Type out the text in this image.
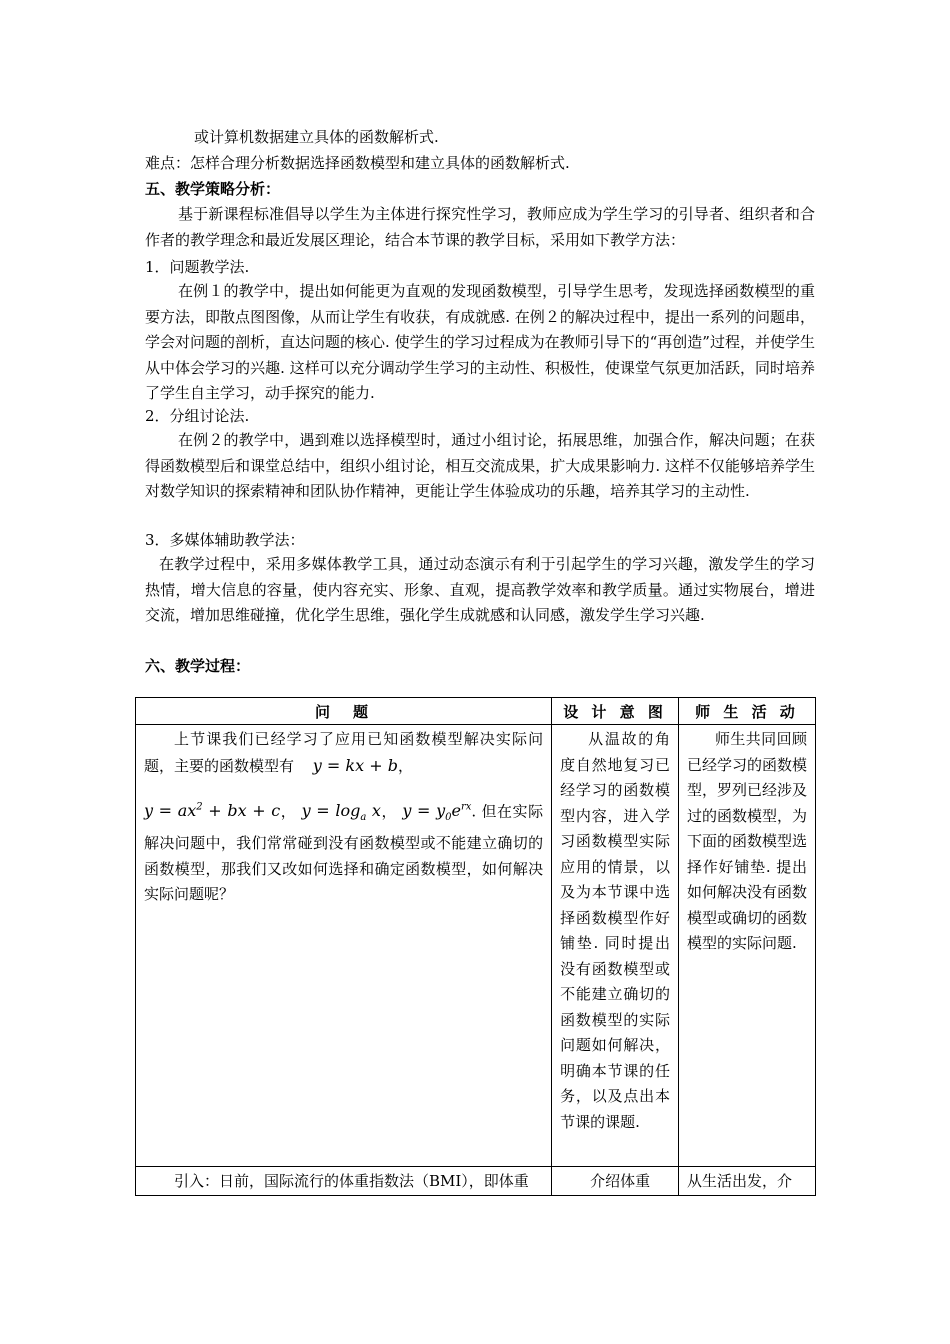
或计算机数据建立具体的函数解析式.
难点：怎样合理分析数据选择函数模型和建立具体的函数解析式.
五、教学策略分析：
基于新课程标准倡导以学生为主体进行探究性学习，教师应成为学生学习的引导者、组织者和合作者的教学理念和最近发展区理论，结合本节课的教学目标，采用如下教学方法：
1．问题教学法.
在例１的教学中，提出如何能更为直观的发现函数模型，引导学生思考，发现选择函数模型的重要方法，即散点图图像，从而让学生有收获，有成就感. 在例２的解决过程中，提出一系列的问题串，学会对问题的剖析，直达问题的核心. 使学生的学习过程成为在教师引导下的“再创造”过程，并使学生从中体会学习的兴趣. 这样可以充分调动学生学习的主动性、积极性，使课堂气氛更加活跃，同时培养了学生自主学习，动手探究的能力.
2．分组讨论法.
在例２的教学中，遇到难以选择模型时，通过小组讨论，拓展思维，加强合作，解决问题；在获得函数模型后和课堂总结中，组织小组讨论，相互交流成果，扩大成果影响力. 这样不仅能够培养学生对数学知识的探索精神和团队协作精神，更能让学生体验成功的乐趣，培养其学习的主动性.
3．多媒体辅助教学法：
在教学过程中，采用多媒体教学工具，通过动态演示有利于引起学生的学习兴趣，激发学生的学习热情，增大信息的容量，使内容充实、形象、直观，提高教学效率和教学质量。通过实物展台，增进交流，增加思维碰撞，优化学生思维，强化学生成就感和认同感，激发学生学习兴趣.
六、教学过程：
问　题	设 计 意 图	师 生 活 动

上节课我们已经学习了应用已知函数模型解决实际问题，主要的函数模型有 y = kx + b，
$y = ax^2$ + bx + c， $y = \log_a x$， $y = y_0e^{rx}$. 但在实际解决问题中，我们常常碰到没有函数模型或不能建立确切的函数模型，那我们又改如何选择和确定函数模型，如何解决实际问题呢？	从温故的角度自然地复习已经学习的函数模型内容，进入学习函数模型实际应用的情景，以及为本节课中选择函数模型作好铺垫. 同时提出没有函数模型或不能建立确切的函数模型的实际问题如何解决，明确本节课的任务，以及点出本节课的课题.	师生共同回顾已经学习的函数模型，罗列已经涉及过的函数模型，为下面的函数模型选择作好铺垫. 提出如何解决没有函数模型或确切的函数模型的实际问题.

引入：日前，国际流行的体重指数法（BMI），即体重	介绍体重	从生活出发，介
